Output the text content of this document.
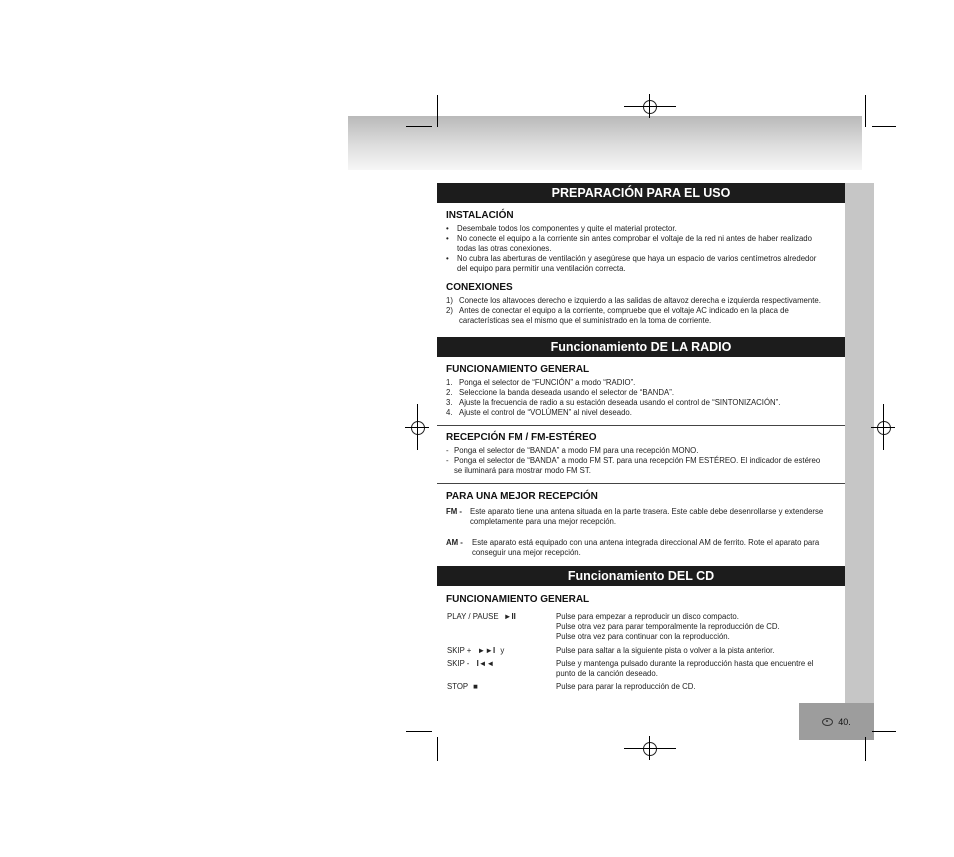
40.
PREPARACIÓN PARA EL USO
INSTALACIÓN
•	Desembale todos los componentes y quite el material protector.
•	No conecte el equipo a la corriente sin antes comprobar el voltaje de la red ni antes de haber realizado
todas las otras conexiones.
•	No cubra las aberturas de ventilación y asegúrese que haya un espacio de varios centímetros alrededor
del equipo para permitir una ventilación correcta.
CONEXIONES
1) Conecte los altavoces derecho e izquierdo a las salidas de altavoz derecha e izquierda respectivamente.
2) Antes de conectar el equipo a la corriente, compruebe que el voltaje AC indicado en la placa de
características sea el mismo que el suministrado en la toma de corriente.
Funcionamiento DE LA RADIO
FUNCIONAMIENTO GENERAL
1. Ponga el selector de “FUNCIÓN” a modo “RADIO”.
2. Seleccione la banda deseada usando el selector de “BANDA”.
3. Ajuste la frecuencia de radio a su estación deseada usando el control de “SINTONIZACIÓN”.
4. Ajuste el control de “VOLÚMEN” al nivel deseado.
RECEPCIÓN FM / FM-ESTÉREO
- Ponga el selector de “BANDA” a modo FM para una recepción MONO.
- Ponga el selector de “BANDA” a modo FM ST. para una recepción FM ESTÉREO. El indicador de estéreo
se iluminará para mostrar modo FM ST.
PARA UNA MEJOR RECEPCIÓN
FM - Este aparato tiene una antena situada en la parte trasera. Este cable debe desenrollarse y extenderse
completamente para una mejor recepción.
AM - Este aparato está equipado con una antena integrada direccional AM de ferrito. Rote el aparato para
conseguir una mejor recepción.
Funcionamiento DEL CD
FUNCIONAMIENTO GENERAL
PLAY / PAUSE ►II	Pulse para empezar a reproducir un disco compacto.
Pulse otra vez para parar temporalmente la reproducción de CD.
Pulse otra vez para continuar con la reproducción.
SKIP + ►►I y	Pulse para saltar a la siguiente pista o volver a la pista anterior.
SKIP - I◄◄	Pulse y mantenga pulsado durante la reproducción hasta que encuentre el
punto de la canción deseado.
STOP ■	Pulse para parar la reproducción de CD.
